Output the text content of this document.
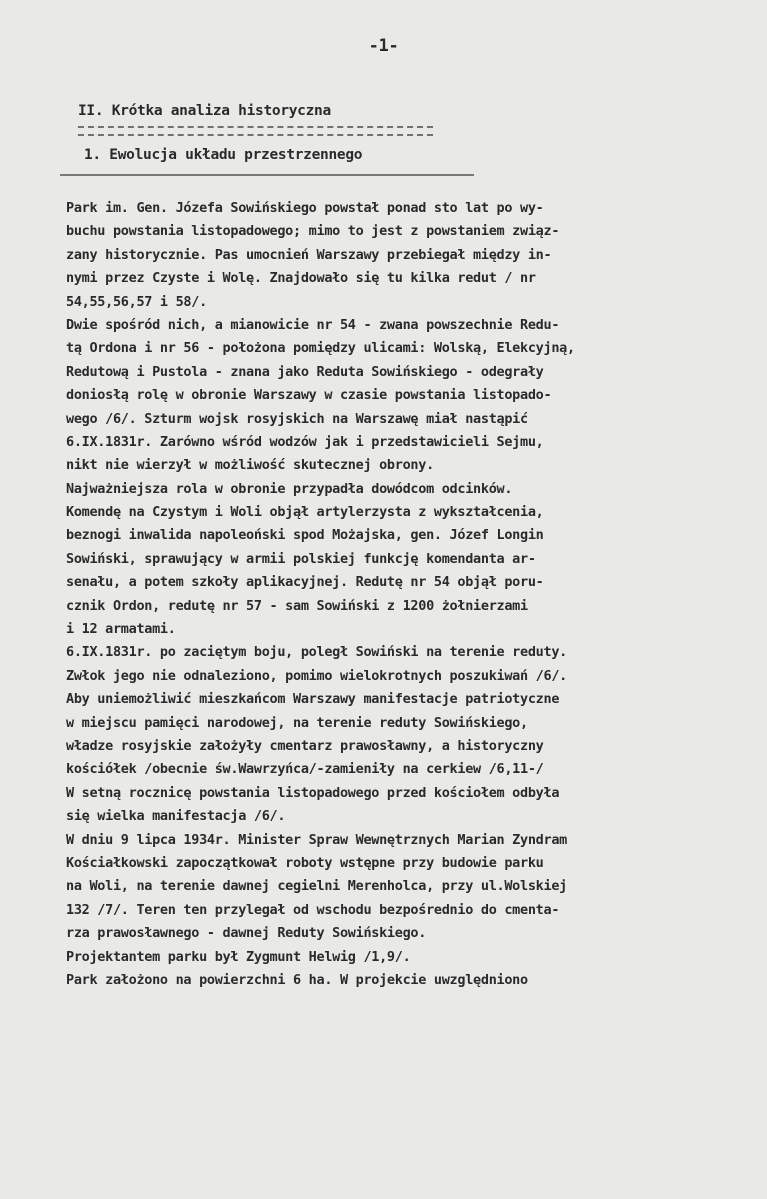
-1-
II. Krótka analiza historyczna
1. Ewolucja układu przestrzennego
Park im. Gen. Józefa Sowińskiego powstał ponad sto lat po wy-
buchu powstania listopadowego; mimo to jest z powstaniem związ-
zany historycznie. Pas umocnień Warszawy przebiegał między in-
nymi przez Czyste i Wolę. Znajdowało się tu kilka redut / nr
54,55,56,57 i 58/.
Dwie spośród nich, a mianowicie nr 54 - zwana powszechnie Redu-
tą Ordona i nr 56 - położona pomiędzy ulicami: Wolską, Elekcyjną,
Redutową i Pustola - znana jako Reduta Sowińskiego - odegrały
doniosłą rolę w obronie Warszawy w czasie powstania listopado-
wego /6/. Szturm wojsk rosyjskich na Warszawę miał nastąpić
6.IX.1831r. Zarówno wśród wodzów jak i przedstawicieli Sejmu,
nikt nie wierzył w możliwość skutecznej obrony.
Najważniejsza rola w obronie przypadła dowódcom odcinków.
Komendę na Czystym i Woli objął artylerzysta z wykształcenia,
beznogi inwalida napoleoński spod Możajska, gen. Józef Longin
Sowiński, sprawujący w armii polskiej funkcję komendanta ar-
senału, a potem szkoły aplikacyjnej. Redutę nr 54 objął poru-
cznik Ordon, redutę nr 57 - sam Sowiński z 1200 żołnierzami
i 12 armatami.
6.IX.1831r. po zaciętym boju, poległ Sowiński na terenie reduty.
Zwłok jego nie odnaleziono, pomimo wielokrotnych poszukiwań /6/.
Aby uniemożliwić mieszkańcom Warszawy manifestacje patriotyczne
w miejscu pamięci narodowej, na terenie reduty Sowińskiego,
władze rosyjskie założyły cmentarz prawosławny, a historyczny
kościółek /obecnie św.Wawrzyńca/-zamieniły na cerkiew /6,11-/
W setną rocznicę powstania listopadowego przed kościołem odbyła
się wielka manifestacja /6/.
W dniu 9 lipca 1934r. Minister Spraw Wewnętrznych Marian Zyndram
Kościałkowski zapoczątkował roboty wstępne przy budowie parku
na Woli, na terenie dawnej cegielni Merenholca, przy ul.Wolskiej
132 /7/. Teren ten przylegał od wschodu bezpośrednio do cmenta-
rza prawosławnego - dawnej Reduty Sowińskiego.
Projektantem parku był Zygmunt Helwig /1,9/.
Park założono na powierzchni 6 ha. W projekcie uwzględniono
